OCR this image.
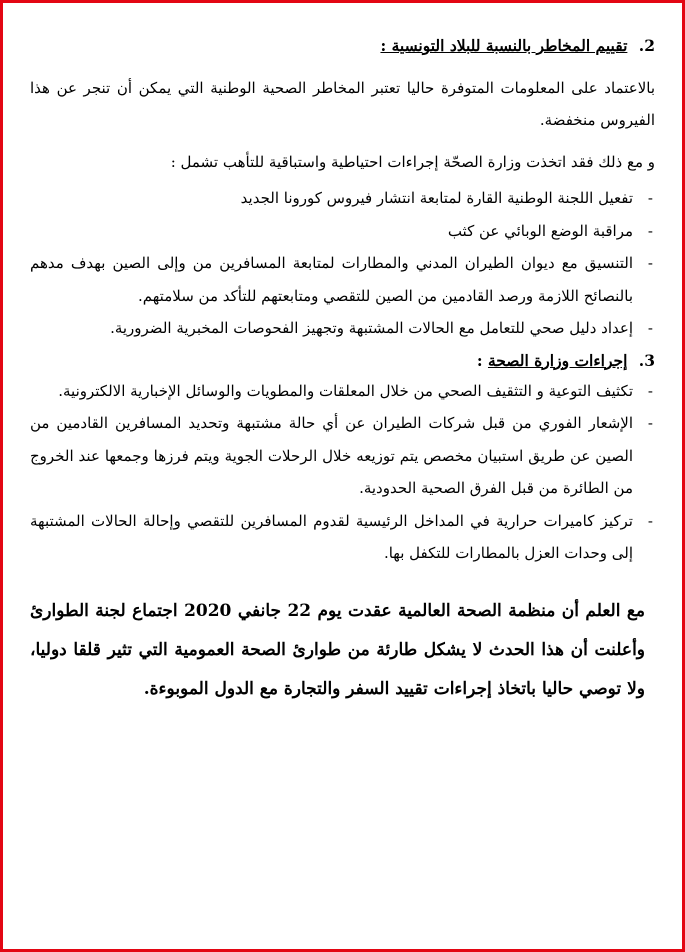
2. تقييم المخاطر بالنسبة للبلاد التونسية :

بالاعتماد على المعلومات المتوفرة حاليا تعتبر المخاطر الصحية الوطنية التي يمكن أن تنجر عن هذا الفيروس منخفضة.

و مع ذلك فقد اتخذت وزارة الصحّة إجراءات احتياطية واستباقية للتأهب تشمل :

- تفعيل اللجنة الوطنية القارة لمتابعة انتشار فيروس كورونا الجديد
- مراقبة الوضع الوبائي عن كثب
- التنسيق مع ديوان الطيران المدني والمطارات لمتابعة المسافرين من وإلى الصين بهدف مدهم بالنصائح اللازمة ورصد القادمين من الصين للتقصي ومتابعتهم للتأكد من سلامتهم.
- إعداد دليل صحي للتعامل مع الحالات المشتبهة وتجهيز الفحوصات المخبرية الضرورية.
3. إجراءات وزارة الصحة :
- تكثيف التوعية و التثقيف الصحي من خلال المعلقات والمطويات والوسائل الإخبارية الالكترونية.
- الإشعار الفوري من قبل شركات الطيران عن أي حالة مشتبهة وتحديد المسافرين القادمين من الصين عن طريق استبيان مخصص يتم توزيعه خلال الرحلات الجوية ويتم فرزها وجمعها عند الخروج من الطائرة من قبل الفرق الصحية الحدودية.
- تركيز كاميرات حرارية في المداخل الرئيسية لقدوم المسافرين للتقصي وإحالة الحالات المشتبهة إلى وحدات العزل بالمطارات للتكفل بها.

مع العلم أن منظمة الصحة العالمية عقدت يوم 22 جانفي 2020 اجتماع لجنة الطوارئ وأعلنت أن هذا الحدث لا يشكل طارئة من طوارئ الصحة العمومية التي تثير قلقا دوليا، ولا توصي حاليا باتخاذ إجراءات تقييد السفر والتجارة مع الدول الموبوءة.
